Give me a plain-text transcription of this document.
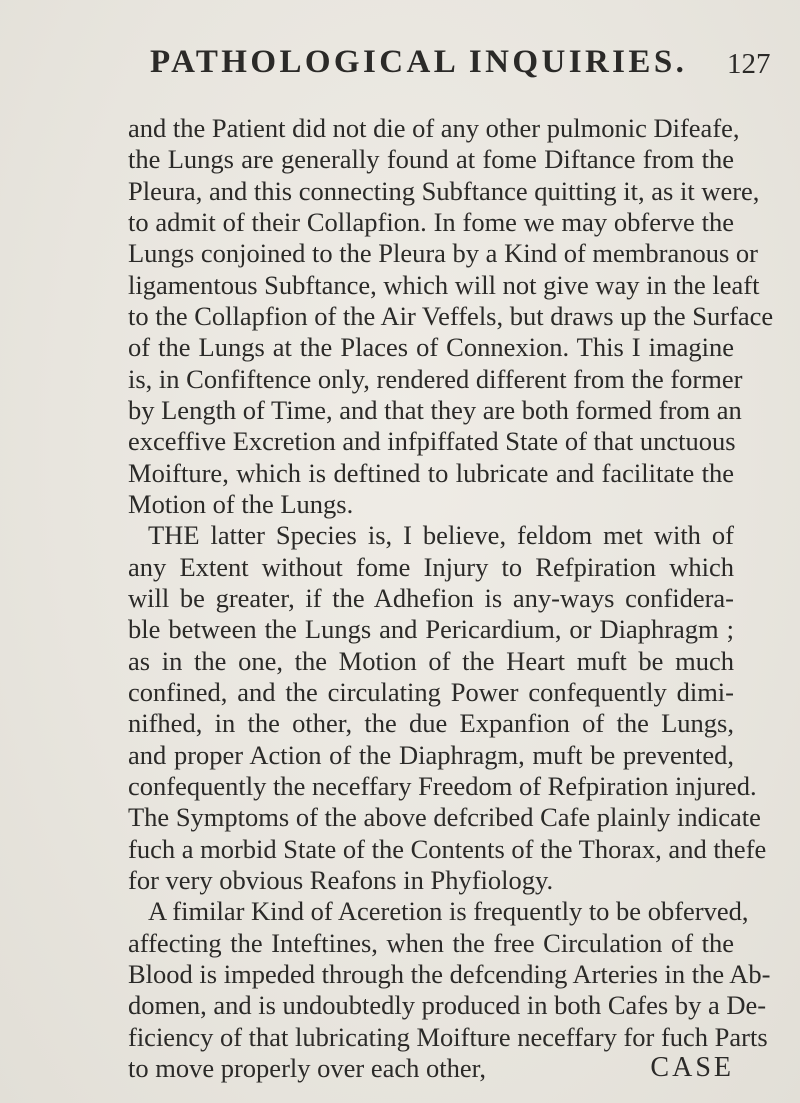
PATHOLOGICAL INQUIRIES. 127
and the Patient did not die of any other pulmonic Difeafe,
the Lungs are generally found at fome Diftance from the
Pleura, and this connecting Subftance quitting it, as it were,
to admit of their Collapfion. In fome we may obferve the
Lungs conjoined to the Pleura by a Kind of membranous or
ligamentous Subftance, which will not give way in the leaft
to the Collapfion of the Air Veffels, but draws up the Surface
of the Lungs at the Places of Connexion. This I imagine
is, in Confiftence only, rendered different from the former
by Length of Time, and that they are both formed from an
exceffive Excretion and infpiffated State of that unctuous
Moifture, which is deftined to lubricate and facilitate the
Motion of the Lungs.
THE latter Species is, I believe, feldom met with of
any Extent without fome Injury to Refpiration which
will be greater, if the Adhefion is any-ways confidera-
ble between the Lungs and Pericardium, or Diaphragm ;
as in the one, the Motion of the Heart muft be much
confined, and the circulating Power confequently dimi-
nifhed, in the other, the due Expanfion of the Lungs,
and proper Action of the Diaphragm, muft be prevented,
confequently the neceffary Freedom of Refpiration injured.
The Symptoms of the above defcribed Cafe plainly indicate
fuch a morbid State of the Contents of the Thorax, and thefe
for very obvious Reafons in Phyfiology.
A fimilar Kind of Aceretion is frequently to be obferved,
affecting the Inteftines, when the free Circulation of the
Blood is impeded through the defcending Arteries in the Ab-
domen, and is undoubtedly produced in both Cafes by a De-
ficiency of that lubricating Moifture neceffary for fuch Parts
to move properly over each other,	CASE
